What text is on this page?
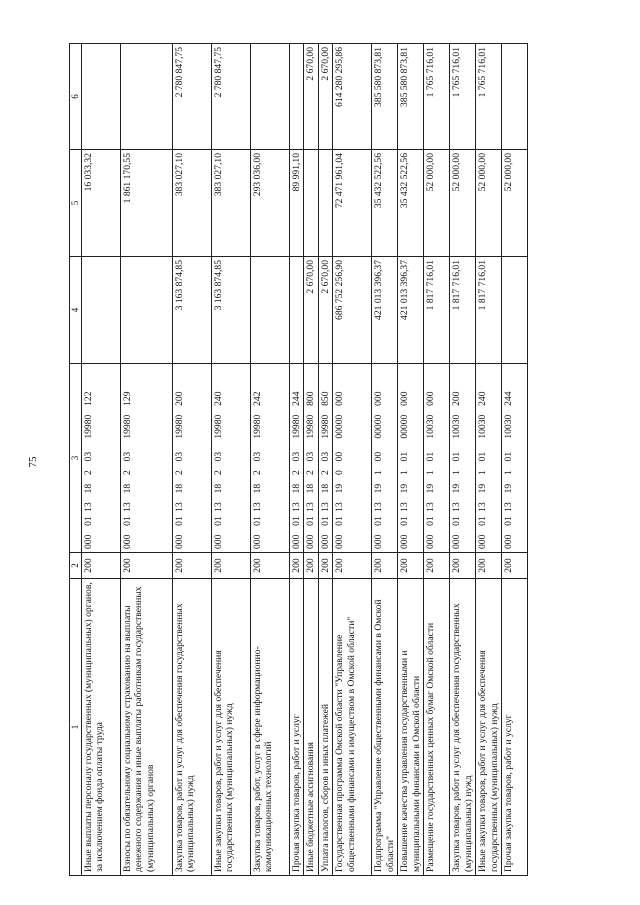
75
1	2	3	4	5	6
Иные выплаты персоналу государственных (муниципальных) органов, за исключением фонда оплаты труда	200	000  01 13  18  2  03   19980  122		16 033,32	
Взносы по обязательному социальному страхованию на выплаты денежного содержания и иные выплаты работникам государственных (муниципальных) органов	200	000  01 13  18  2  03   19980  129		1 861 170,55	
Закупка товаров, работ и услуг для обеспечения государственных (муниципальных) нужд	200	000  01 13  18  2  03   19980  200	3 163 874,85	383 027,10	2 780 847,75
Иные закупки товаров, работ и услуг для обеспечения государственных (муниципальных) нужд	200	000  01 13  18  2  03   19980  240	3 163 874,85	383 027,10	2 780 847,75
Закупка товаров, работ, услуг в сфере информационно-коммуникационных технологий	200	000  01 13  18  2  03   19980  242		293 036,00	
Прочая закупка товаров, работ и услуг	200	000  01 13  18  2  03   19980  244		89 991,10	
Иные бюджетные ассигнования	200	000  01 13  18  2  03   19980  800	2 670,00		2 670,00
Уплата налогов, сборов и иных платежей	200	000  01 13  18  2  03   19980  850	2 670,00		2 670,00
Государственная программа Омской области "Управление общественными финансами и имуществом в Омской области"	200	000  01 13  19  0  00   00000  000	686 752 256,90	72 471 961,04	614 280 295,86
Подпрограмма "Управление общественными финансами в Омской области"	200	000  01 13  19  1  00   00000  000	421 013 396,37	35 432 522,56	385 580 873,81
Повышение качества управления государственными и муниципальными финансами в Омской области	200	000  01 13  19  1  01   00000  000	421 013 396,37	35 432 522,56	385 580 873,81
Размещение государственных ценных бумаг Омской области	200	000  01 13  19  1  01   10030  000	1 817 716,01	52 000,00	1 765 716,01
Закупка товаров, работ и услуг для обеспечения государственных (муниципальных) нужд	200	000  01 13  19  1  01   10030  200	1 817 716,01	52 000,00	1 765 716,01
Иные закупки товаров, работ и услуг для обеспечения государственных (муниципальных) нужд	200	000  01 13  19  1  01   10030  240	1 817 716,01	52 000,00	1 765 716,01
Прочая закупка товаров, работ и услуг	200	000  01 13  19  1  01   10030  244		52 000,00	
